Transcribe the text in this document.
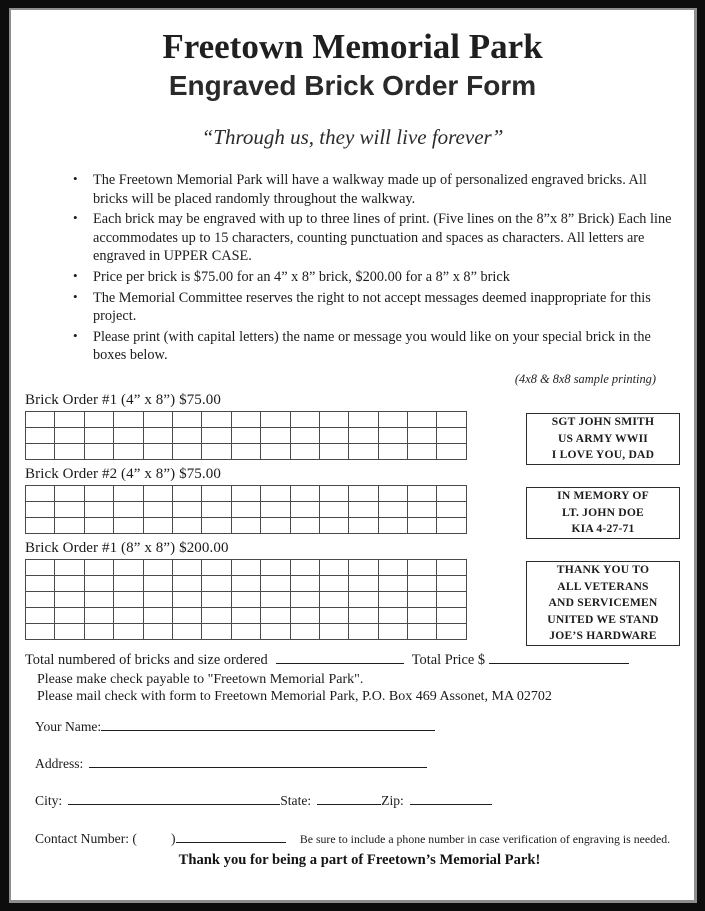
Freetown Memorial Park
Engraved Brick Order Form
“Through us, they will live forever”
• The Freetown Memorial Park will have a walkway made up of personalized engraved bricks. All bricks will be placed randomly throughout the walkway.
• Each brick may be engraved with up to three lines of print. (Five lines on the 8”x 8” Brick) Each line accommodates up to 15 characters, counting punctuation and spaces as characters. All letters are engraved in UPPER CASE.
• Price per brick is $75.00 for an 4” x 8” brick, $200.00 for a 8” x 8” brick
• The Memorial Committee reserves the right to not accept messages deemed inappropriate for this project.
• Please print (with capital letters) the name or message you would like on your special brick in the boxes below.
(4x8 & 8x8 sample printing)
Brick Order #1 (4” x 8”) $75.00

SGT JOHN SMITH
US ARMY WWII
I LOVE YOU, DAD
Brick Order #2 (4” x 8”) $75.00

IN MEMORY OF
LT. JOHN DOE
KIA 4-27-71
Brick Order #1 (8” x 8”) $200.00

THANK YOU TO
ALL VETERANS
AND SERVICEMEN
UNITED WE STAND
JOE’S HARDWARE
Total numbered of bricks and size ordered	Total Price $
Please make check payable to "Freetown Memorial Park".
Please mail check with form to Freetown Memorial Park, P.O. Box 469 Assonet, MA 02702
Your Name:
Address:
City:	State:	Zip:
Contact Number: (	)	Be sure to include a phone number in case verification of engraving is needed.
Thank you for being a part of Freetown’s Memorial Park!
